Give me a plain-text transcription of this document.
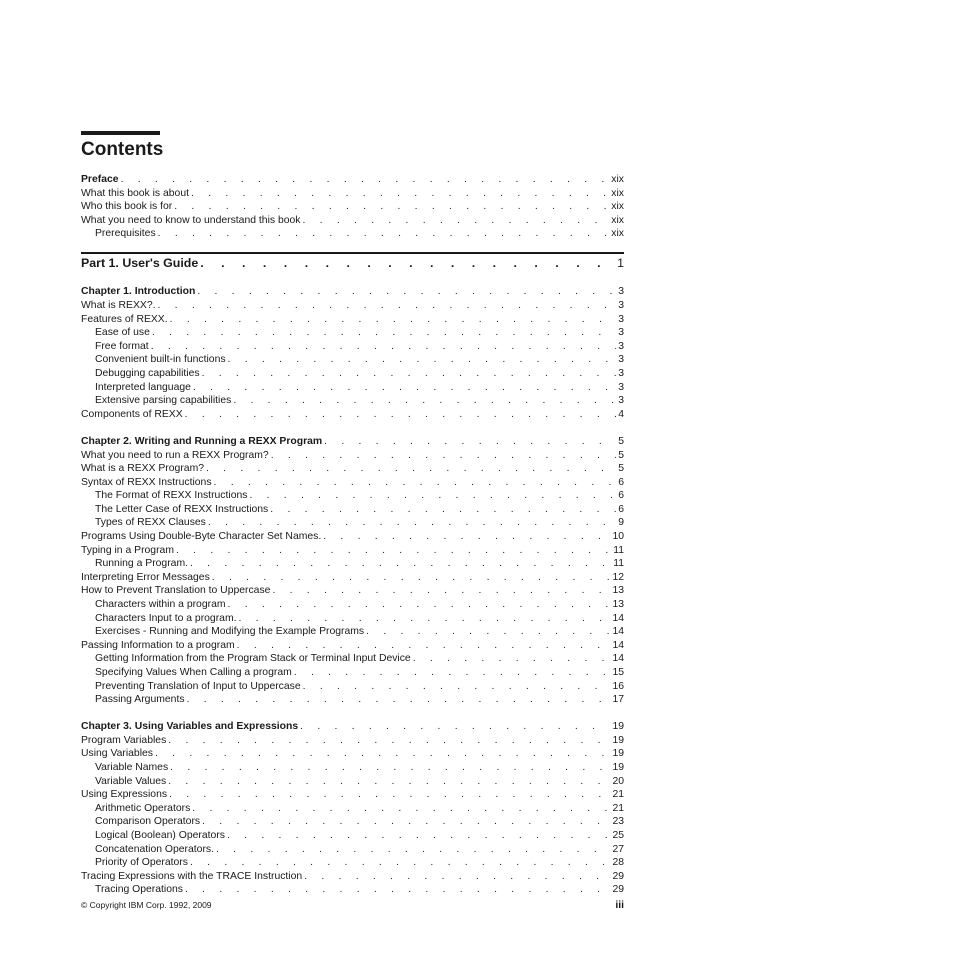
Contents
Preface . . .	xix
What this book is about . . .	xix
Who this book is for . . .	xix
What you need to know to understand this book . . .	xix
Prerequisites . . .	xix
Part 1. User's Guide . . .	1
Chapter 1. Introduction . . .	3
What is REXX?. . . .	3
Features of REXX. . . .	3
Ease of use . . .	3
Free format . . .	3
Convenient built-in functions . . .	3
Debugging capabilities . . .	3
Interpreted language . . .	3
Extensive parsing capabilities . . .	3
Components of REXX . . .	4
Chapter 2. Writing and Running a REXX Program . . .	5
What you need to run a REXX Program? . . .	5
What is a REXX Program? . . .	5
Syntax of REXX Instructions . . .	6
The Format of REXX Instructions . . .	6
The Letter Case of REXX Instructions . . .	6
Types of REXX Clauses . . .	9
Programs Using Double-Byte Character Set Names. . . .	10
Typing in a Program . . .	11
Running a Program. . . .	11
Interpreting Error Messages . . .	12
How to Prevent Translation to Uppercase . . .	13
Characters within a program . . .	13
Characters Input to a program. . . .	14
Exercises - Running and Modifying the Example Programs . . .	14
Passing Information to a program . . .	14
Getting Information from the Program Stack or Terminal Input Device . . .	14
Specifying Values When Calling a program . . .	15
Preventing Translation of Input to Uppercase . . .	16
Passing Arguments . . .	17
Chapter 3. Using Variables and Expressions . . .	19
Program Variables . . .	19
Using Variables . . .	19
Variable Names . . .	19
Variable Values . . .	20
Using Expressions . . .	21
Arithmetic Operators . . .	21
Comparison Operators . . .	23
Logical (Boolean) Operators . . .	25
Concatenation Operators. . . .	27
Priority of Operators . . .	28
Tracing Expressions with the TRACE Instruction . . .	29
Tracing Operations . . .	29
© Copyright IBM Corp. 1992, 2009	iii
